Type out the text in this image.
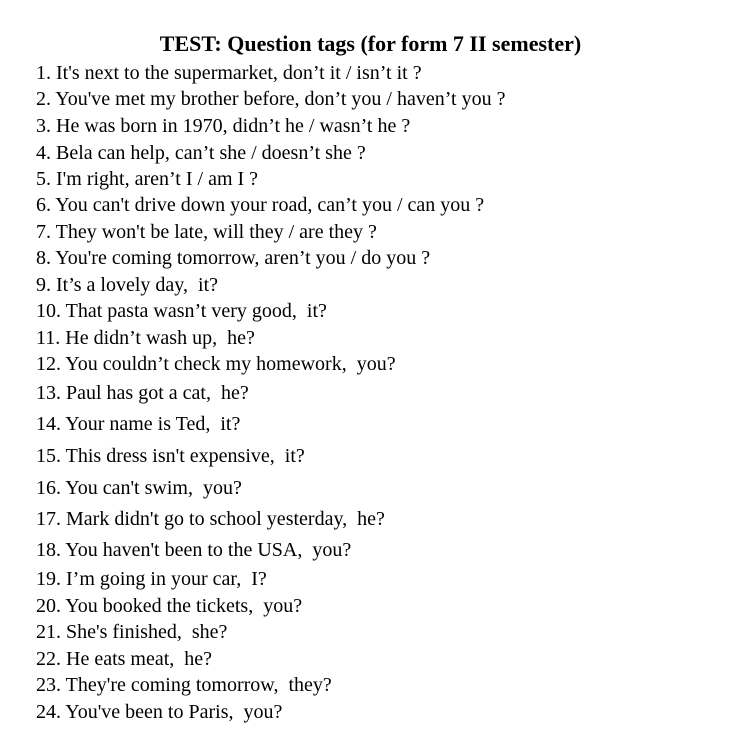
TEST: Question tags (for form 7 II semester)
1. It's next to the supermarket, don’t it / isn’t it ?
2. You've met my brother before, don’t you / haven’t you ?
3. He was born in 1970, didn’t he / wasn’t he ?
4. Bela can help, can’t she / doesn’t she ?
5. I'm right, aren’t I / am I ?
6. You can't drive down your road, can’t you / can you ?
7. They won't be late, will they / are they ?
8. You're coming tomorrow, aren’t you / do you ?
9. It’s a lovely day, it?
10. That pasta wasn’t very good, it?
11. He didn’t wash up, he?
12. You couldn’t check my homework, you?
13. Paul has got a cat, he?
14. Your name is Ted, it?
15. This dress isn't expensive, it?
16. You can't swim, you?
17. Mark didn't go to school yesterday, he?
18. You haven't been to the USA, you?
19. I’m going in your car, I?
20. You booked the tickets, you?
21. She's finished, she?
22. He eats meat, he?
23. They're coming tomorrow, they?
24. You've been to Paris, you?
